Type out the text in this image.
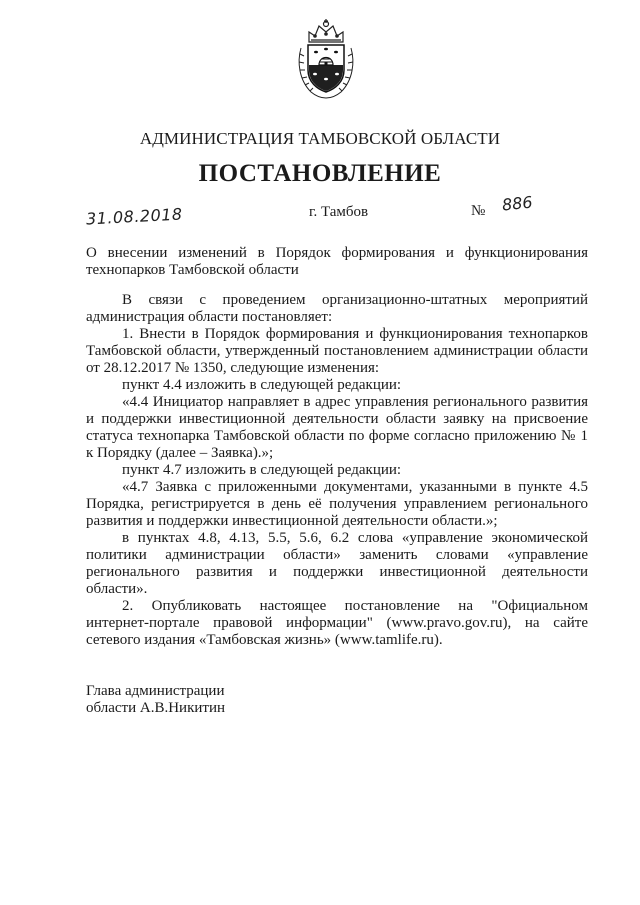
АДМИНИСТРАЦИЯ ТАМБОВСКОЙ ОБЛАСТИ
ПОСТАНОВЛЕНИЕ
31.08.2018	г. Тамбов	№ 886
О внесении изменений в Порядок формирования и функционирования
технопарков Тамбовской области

В связи с проведением организационно-штатных мероприятий

администрация области постановляет:

1. Внести в Порядок формирования и функционирования технопарков

Тамбовской области, утвержденный постановлением администрации области

от 28.12.2017 № 1350, следующие изменения:

пункт 4.4 изложить в следующей редакции:

«4.4 Инициатор направляет в адрес управления регионального развития

и поддержки инвестиционной деятельности области заявку на присвоение

статуса технопарка Тамбовской области по форме согласно приложению № 1

к Порядку (далее – Заявка).»;

пункт 4.7 изложить в следующей редакции:

«4.7 Заявка с приложенными документами, указанными в пункте 4.5

Порядка, регистрируется в день её получения управлением регионального

развития и поддержки инвестиционной деятельности области.»;

в пунктах 4.8, 4.13, 5.5, 5.6, 6.2 слова «управление экономической

политики администрации области» заменить словами «управление

регионального развития и поддержки инвестиционной деятельности

области».

2. Опубликовать настоящее постановление на "Официальном

интернет-портале правовой информации" (www.pravo.gov.ru), на сайте

сетевого издания «Тамбовская жизнь» (www.tamlife.ru).

Глава администрации
области А.В.Никитин
